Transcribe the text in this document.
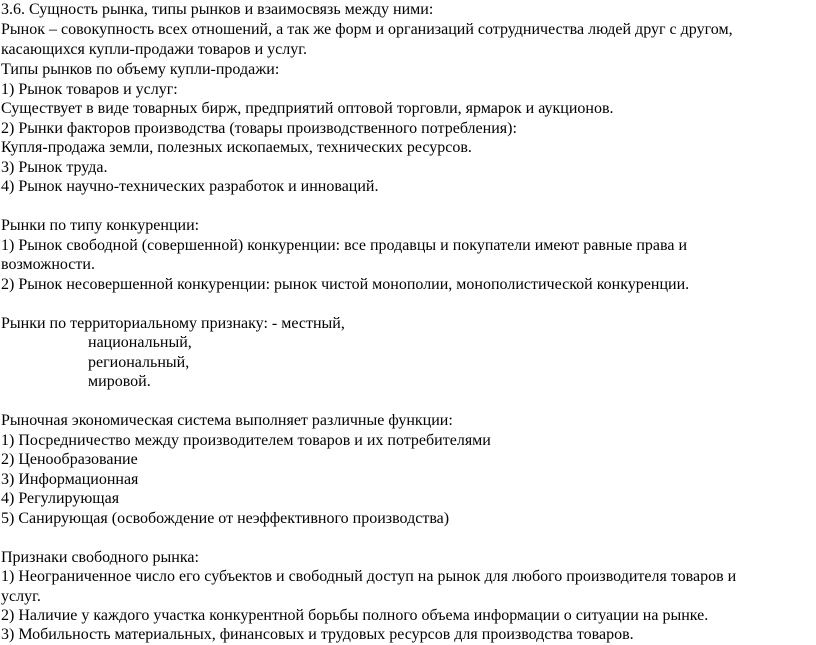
3.6. Сущность рынка, типы рынков и взаимосвязь между ними:
Рынок – совокупность всех отношений, а так же форм и организаций сотрудничества людей друг с другом,
касающихся купли-продажи товаров и услуг.
Типы рынков по объему купли-продажи:
1) Рынок товаров и услуг:
Существует в виде товарных бирж, предприятий оптовой торговли, ярмарок и аукционов.
2) Рынки факторов производства (товары производственного потребления):
Купля-продажа земли, полезных ископаемых, технических ресурсов.
3) Рынок труда.
4) Рынок научно-технических разработок и инноваций.
Рынки по типу конкуренции:
1) Рынок свободной (совершенной) конкуренции: все продавцы и покупатели имеют равные права и
возможности.
2) Рынок несовершенной конкуренции: рынок чистой монополии, монополистической конкуренции.
Рынки по территориальному признаку: - местный,
национальный,
региональный,
мировой.
Рыночная экономическая система выполняет различные функции:
1) Посредничество между производителем товаров и их потребителями
2) Ценообразование
3) Информационная
4) Регулирующая
5) Санирующая (освобождение от неэффективного производства)
Признаки свободного рынка:
1) Неограниченное число его субъектов и свободный доступ на рынок для любого производителя товаров и
услуг.
2) Наличие у каждого участка конкурентной борьбы полного объема информации о ситуации на рынке.
3) Мобильность материальных, финансовых и трудовых ресурсов для производства товаров.
